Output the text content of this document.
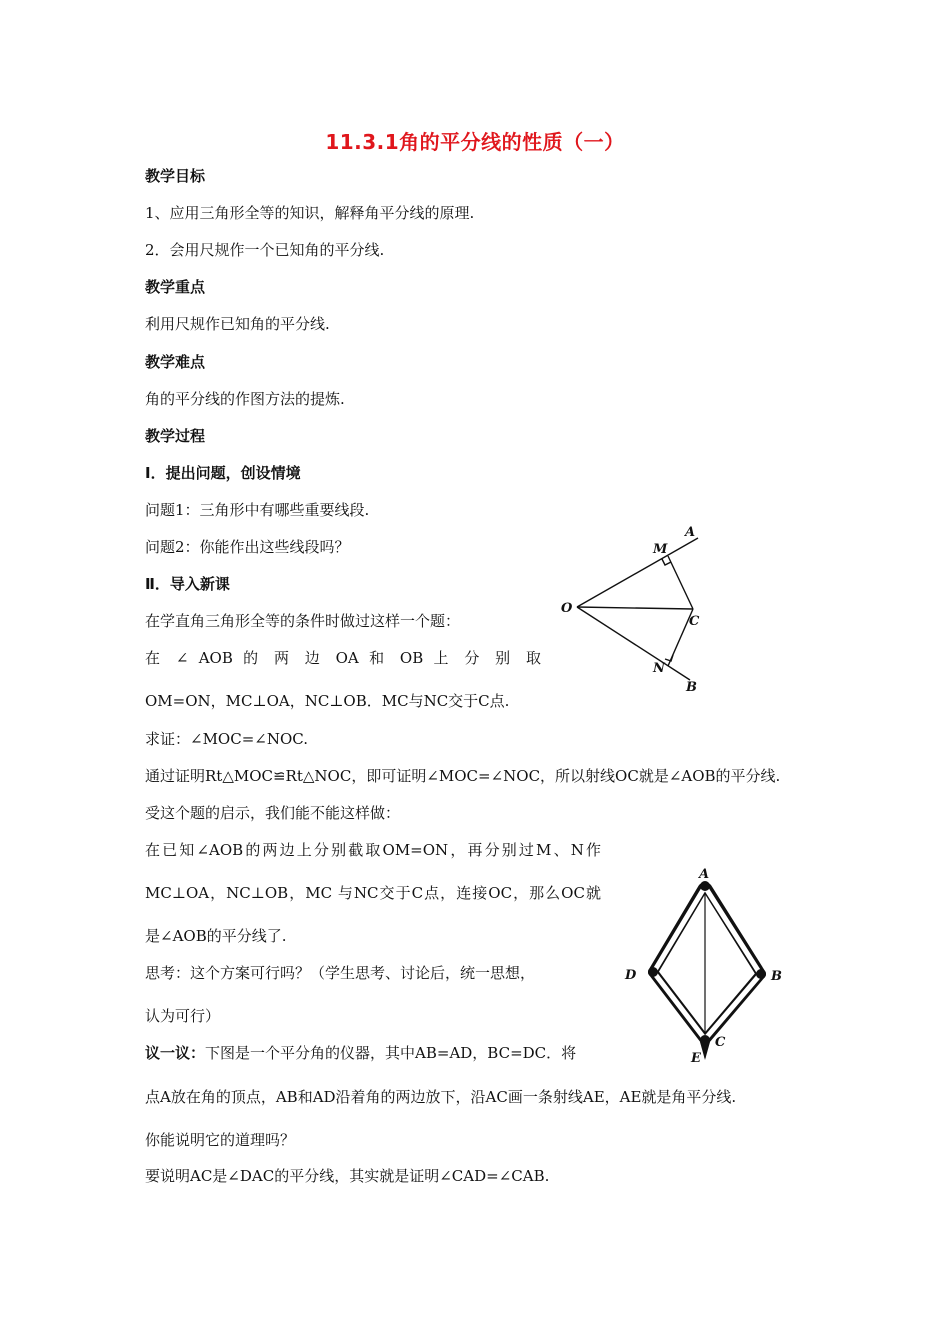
11.3.1角的平分线的性质（一）
教学目标
1、应用三角形全等的知识，解释角平分线的原理.
2．会用尺规作一个已知角的平分线.
教学重点
利用尺规作已知角的平分线.
教学难点
角的平分线的作图方法的提炼.
教学过程
Ⅰ．提出问题，创设情境
问题1：三角形中有哪些重要线段.
问题2：你能作出这些线段吗？
Ⅱ．导入新课
在学直角三角形全等的条件时做过这样一个题：
在 ∠ AOB 的 两 边 OA 和 OB 上 分 别 取
OM=ON，MC⊥OA，NC⊥OB．MC与NC交于C点.
求证：∠MOC=∠NOC.
通过证明Rt△MOC≌Rt△NOC，即可证明∠MOC=∠NOC，所以射线OC就是∠AOB的平分线.
受这个题的启示，我们能不能这样做：
在已知∠AOB的两边上分别截取OM=ON，再分别过M、N作
MC⊥OA，NC⊥OB，MC 与NC交于C点，连接OC，那么OC就
是∠AOB的平分线了.
思考：这个方案可行吗？（学生思考、讨论后，统一思想，
认为可行）
议一议：下图是一个平分角的仪器，其中AB=AD，BC=DC．将
点A放在角的顶点，AB和AD沿着角的两边放下，沿AC画一条射线AE，AE就是角平分线.
你能说明它的道理吗？
要说明AC是∠DAC的平分线，其实就是证明∠CAD=∠CAB.
A
M
O
C
N
B
A
D	B
E
C
